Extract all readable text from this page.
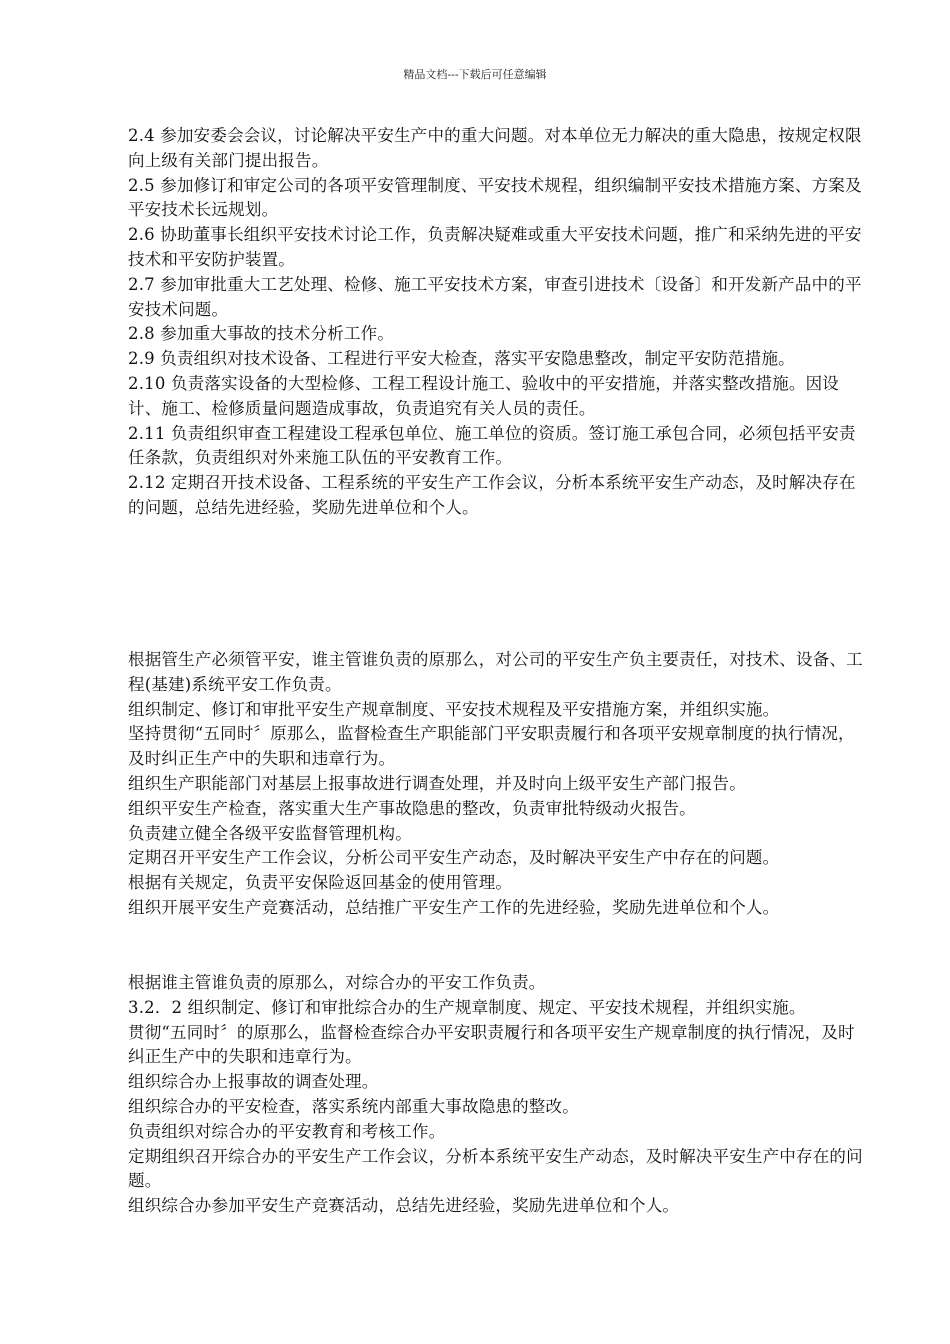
精品文档---下载后可任意编辑

2.4 参加安委会会议，讨论解决平安生产中的重大问题。对本单位无力解决的重大隐患，按规定权限向上级有关部门提出报告。

2.5 参加修订和审定公司的各项平安管理制度、平安技术规程，组织编制平安技术措施方案、方案及平安技术长远规划。

2.6 协助董事长组织平安技术讨论工作，负责解决疑难或重大平安技术问题，推广和采纳先进的平安技术和平安防护装置。

2.7 参加审批重大工艺处理、检修、施工平安技术方案，审查引进技术〔设备〕和开发新产品中的平安技术问题。

2.8 参加重大事故的技术分析工作。

2.9 负责组织对技术设备、工程进行平安大检查，落实平安隐患整改，制定平安防范措施。

2.10 负责落实设备的大型检修、工程工程设计施工、验收中的平安措施，并落实整改措施。因设计、施工、检修质量问题造成事故，负责追究有关人员的责任。

2.11 负责组织审查工程建设工程承包单位、施工单位的资质。签订施工承包合同，必须包括平安责任条款，负责组织对外来施工队伍的平安教育工作。

2.12 定期召开技术设备、工程系统的平安生产工作会议，分析本系统平安生产动态，及时解决存在的问题，总结先进经验，奖励先进单位和个人。

根据管生产必须管平安，谁主管谁负责的原那么，对公司的平安生产负主要责任，对技术、设备、工程(基建)系统平安工作负责。

组织制定、修订和审批平安生产规章制度、平安技术规程及平安措施方案，并组织实施。

坚持贯彻“五同时〞原那么，监督检查生产职能部门平安职责履行和各项平安规章制度的执行情况，及时纠正生产中的失职和违章行为。

组织生产职能部门对基层上报事故进行调查处理，并及时向上级平安生产部门报告。

组织平安生产检查，落实重大生产事故隐患的整改，负责审批特级动火报告。

负责建立健全各级平安监督管理机构。

定期召开平安生产工作会议，分析公司平安生产动态，及时解决平安生产中存在的问题。

根据有关规定，负责平安保险返回基金的使用管理。

组织开展平安生产竞赛活动，总结推广平安生产工作的先进经验，奖励先进单位和个人。

根据谁主管谁负责的原那么，对综合办的平安工作负责。

3.2．2 组织制定、修订和审批综合办的生产规章制度、规定、平安技术规程，并组织实施。

贯彻“五同时〞的原那么，监督检查综合办平安职责履行和各项平安生产规章制度的执行情况，及时纠正生产中的失职和违章行为。

组织综合办上报事故的调查处理。

组织综合办的平安检查，落实系统内部重大事故隐患的整改。

负责组织对综合办的平安教育和考核工作。

定期组织召开综合办的平安生产工作会议，分析本系统平安生产动态，及时解决平安生产中存在的问题。

组织综合办参加平安生产竞赛活动，总结先进经验，奖励先进单位和个人。
